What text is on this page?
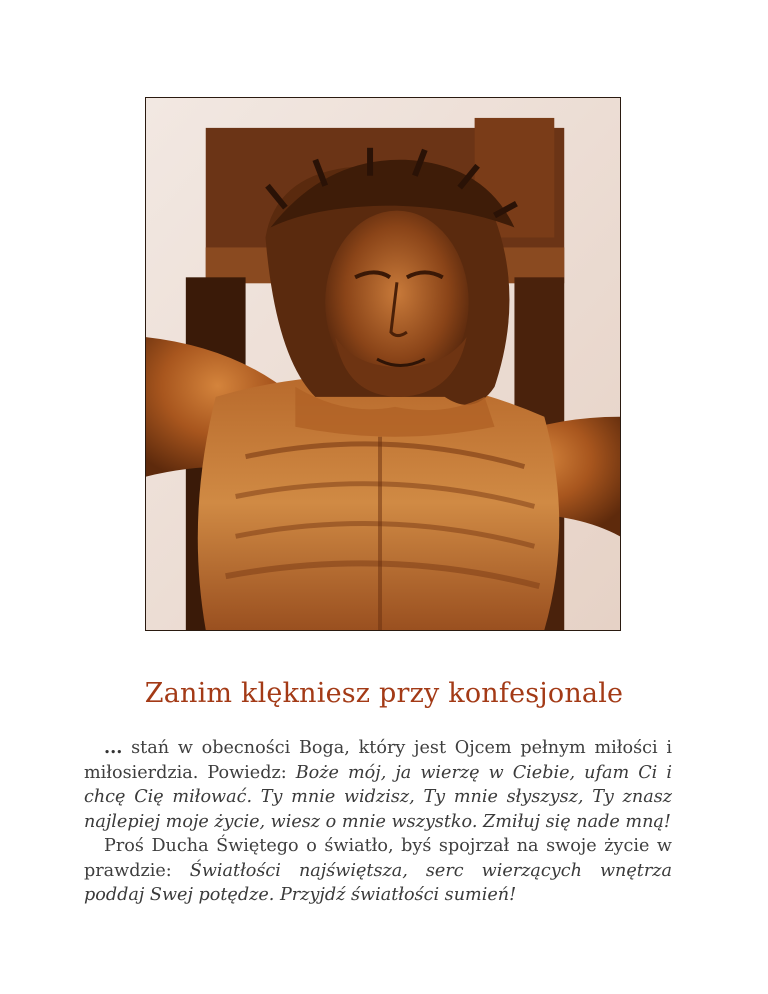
Zanim klękniesz przy konfesjonale

... stań w obecności Boga, który jest Ojcem pełnym miłości i miłosierdzia. Powiedz: Boże mój, ja wierzę w Ciebie, ufam Ci i chcę Cię miłować. Ty mnie widzisz, Ty mnie słyszysz, Ty znasz najlepiej moje życie, wiesz o mnie wszystko. Zmiłuj się nade mną!

Proś Ducha Świętego o światło, byś spojrzał na swoje życie w prawdzie: Światłości najświętsza, serc wierzących wnętrza poddaj Swej potędze. Przyjdź światłości sumień!
